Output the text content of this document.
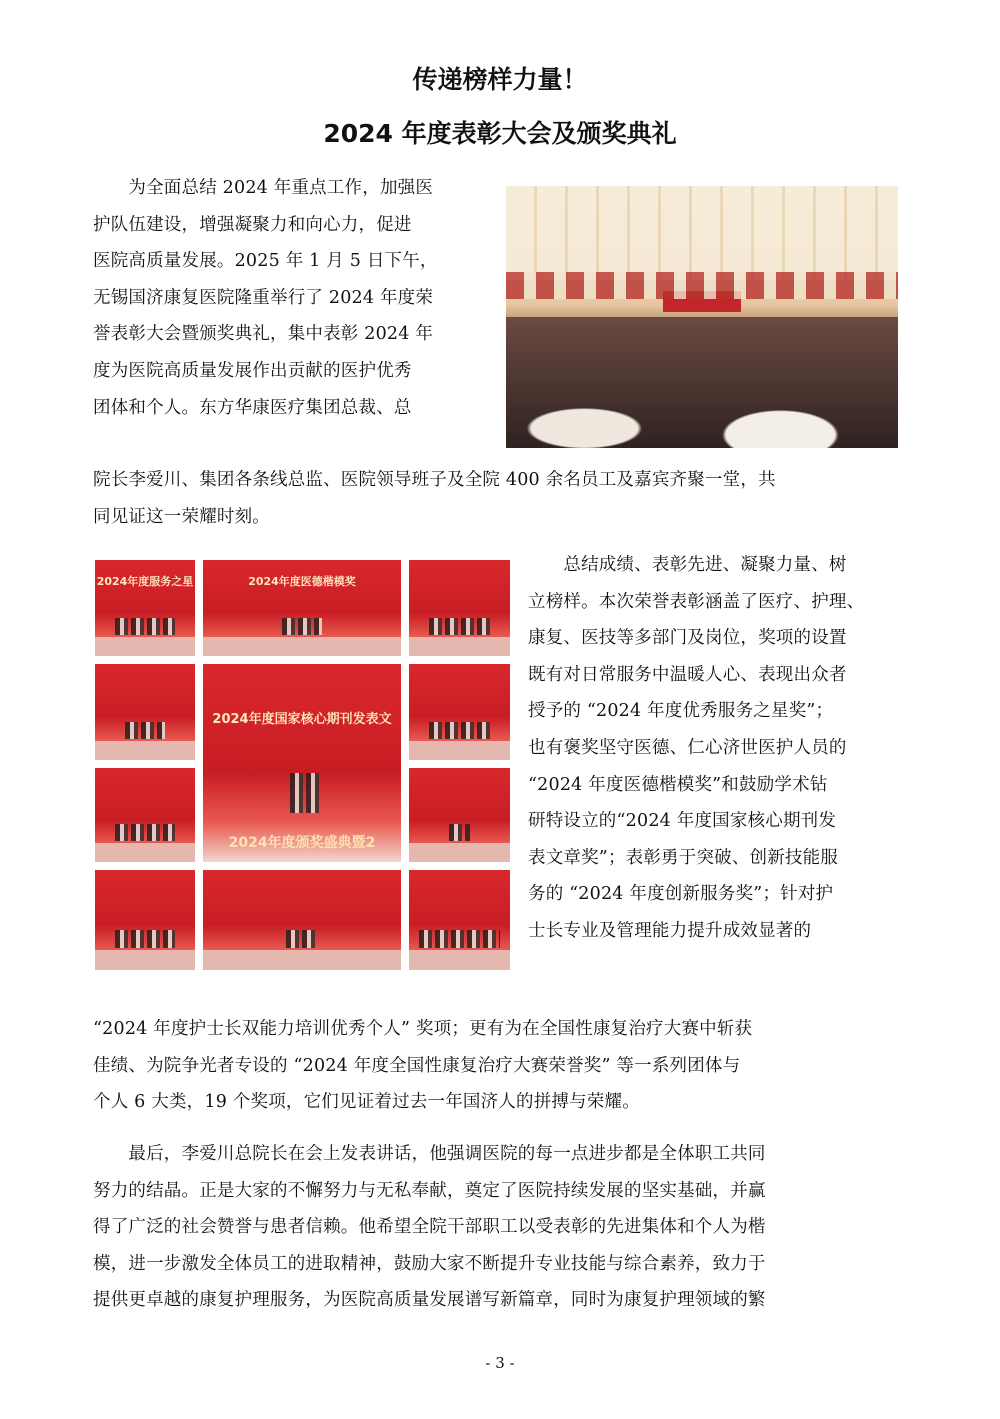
传递榜样力量！
2024 年度表彰大会及颁奖典礼
　　为全面总结 2024 年重点工作，加强医
护队伍建设，增强凝聚力和向心力，促进
医院高质量发展。2025 年 1 月 5 日下午，
无锡国济康复医院隆重举行了 2024 年度荣
誉表彰大会暨颁奖典礼，集中表彰 2024 年
度为医院高质量发展作出贡献的医护优秀
团体和个人。东方华康医疗集团总裁、总
院长李爱川、集团各条线总监、医院领导班子及全院 400 余名员工及嘉宾齐聚一堂，共
同见证这一荣耀时刻。
2024年度服务之星	2024年度医德楷模奖
2024年度国家核心期刊发表文
2024年度颁奖盛典暨2
　　总结成绩、表彰先进、凝聚力量、树
立榜样。本次荣誉表彰涵盖了医疗、护理、
康复、医技等多部门及岗位，奖项的设置
既有对日常服务中温暖人心、表现出众者
授予的 “2024 年度优秀服务之星奖”；
也有褒奖坚守医德、仁心济世医护人员的
“2024 年度医德楷模奖”和鼓励学术钻
研特设立的“2024 年度国家核心期刊发
表文章奖”；表彰勇于突破、创新技能服
务的 “2024 年度创新服务奖”；针对护
士长专业及管理能力提升成效显著的
“2024 年度护士长双能力培训优秀个人” 奖项；更有为在全国性康复治疗大赛中斩获
佳绩、为院争光者专设的 “2024 年度全国性康复治疗大赛荣誉奖” 等一系列团体与
个人 6 大类，19 个奖项，它们见证着过去一年国济人的拼搏与荣耀。
　　最后，李爱川总院长在会上发表讲话，他强调医院的每一点进步都是全体职工共同
努力的结晶。正是大家的不懈努力与无私奉献，奠定了医院持续发展的坚实基础，并赢
得了广泛的社会赞誉与患者信赖。他希望全院干部职工以受表彰的先进集体和个人为楷
模，进一步激发全体员工的进取精神，鼓励大家不断提升专业技能与综合素养，致力于
提供更卓越的康复护理服务，为医院高质量发展谱写新篇章，同时为康复护理领域的繁
- 3 -
